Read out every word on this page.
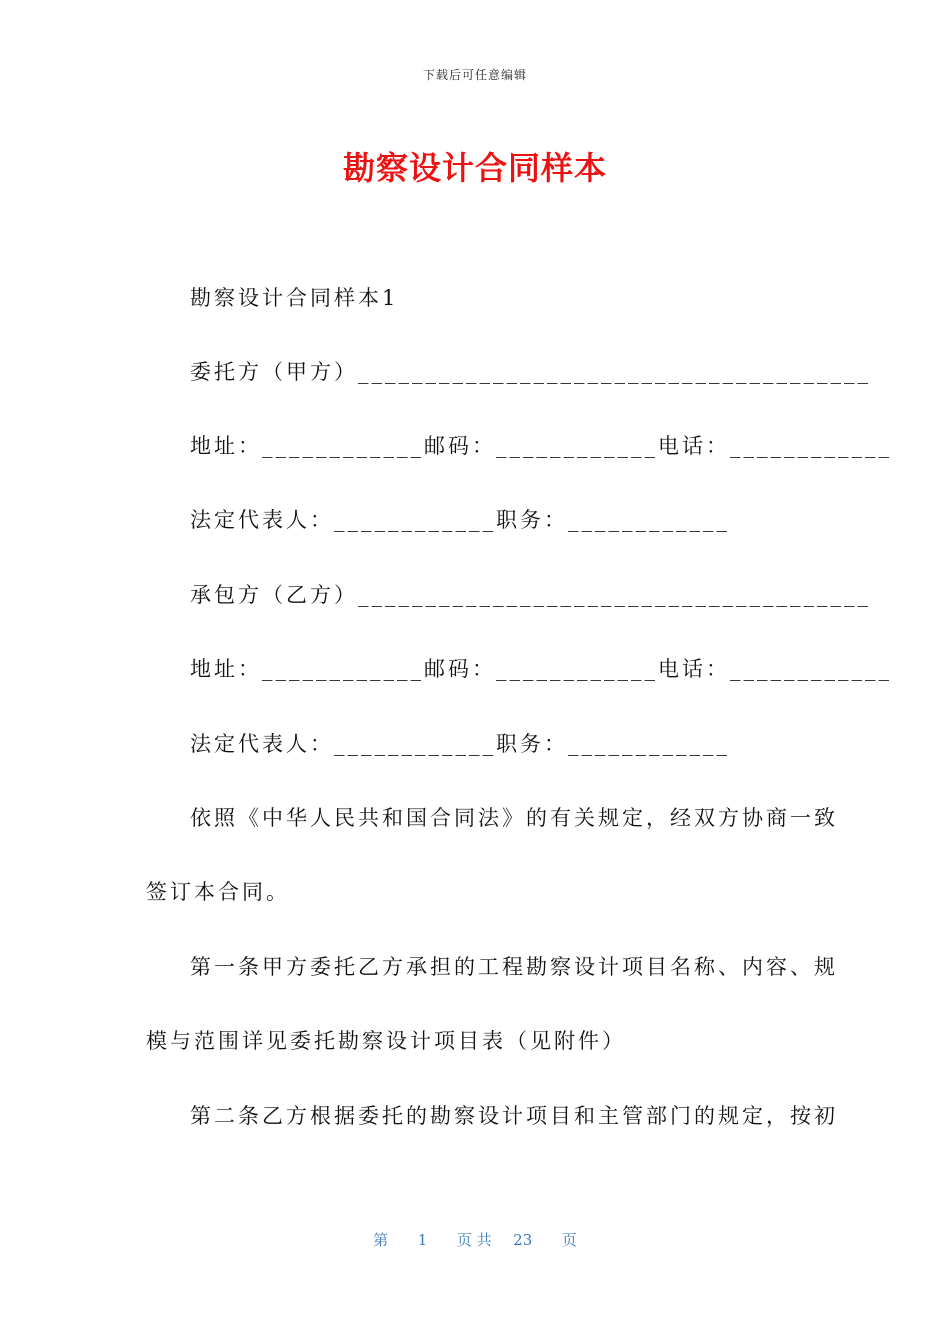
下载后可任意编辑
勘察设计合同样本
勘察设计合同样本1
委托方（甲方）______________________________________
地址：____________邮码：____________电话：____________
法定代表人：____________职务：____________
承包方（乙方）______________________________________
地址：____________邮码：____________电话：____________
法定代表人：____________职务：____________
依照《中华人民共和国合同法》的有关规定，经双方协商一致
签订本合同。
第一条甲方委托乙方承担的工程勘察设计项目名称、内容、规
模与范围详见委托勘察设计项目表（见附件）
第二条乙方根据委托的勘察设计项目和主管部门的规定，按初
第 1 页 共 23 页
